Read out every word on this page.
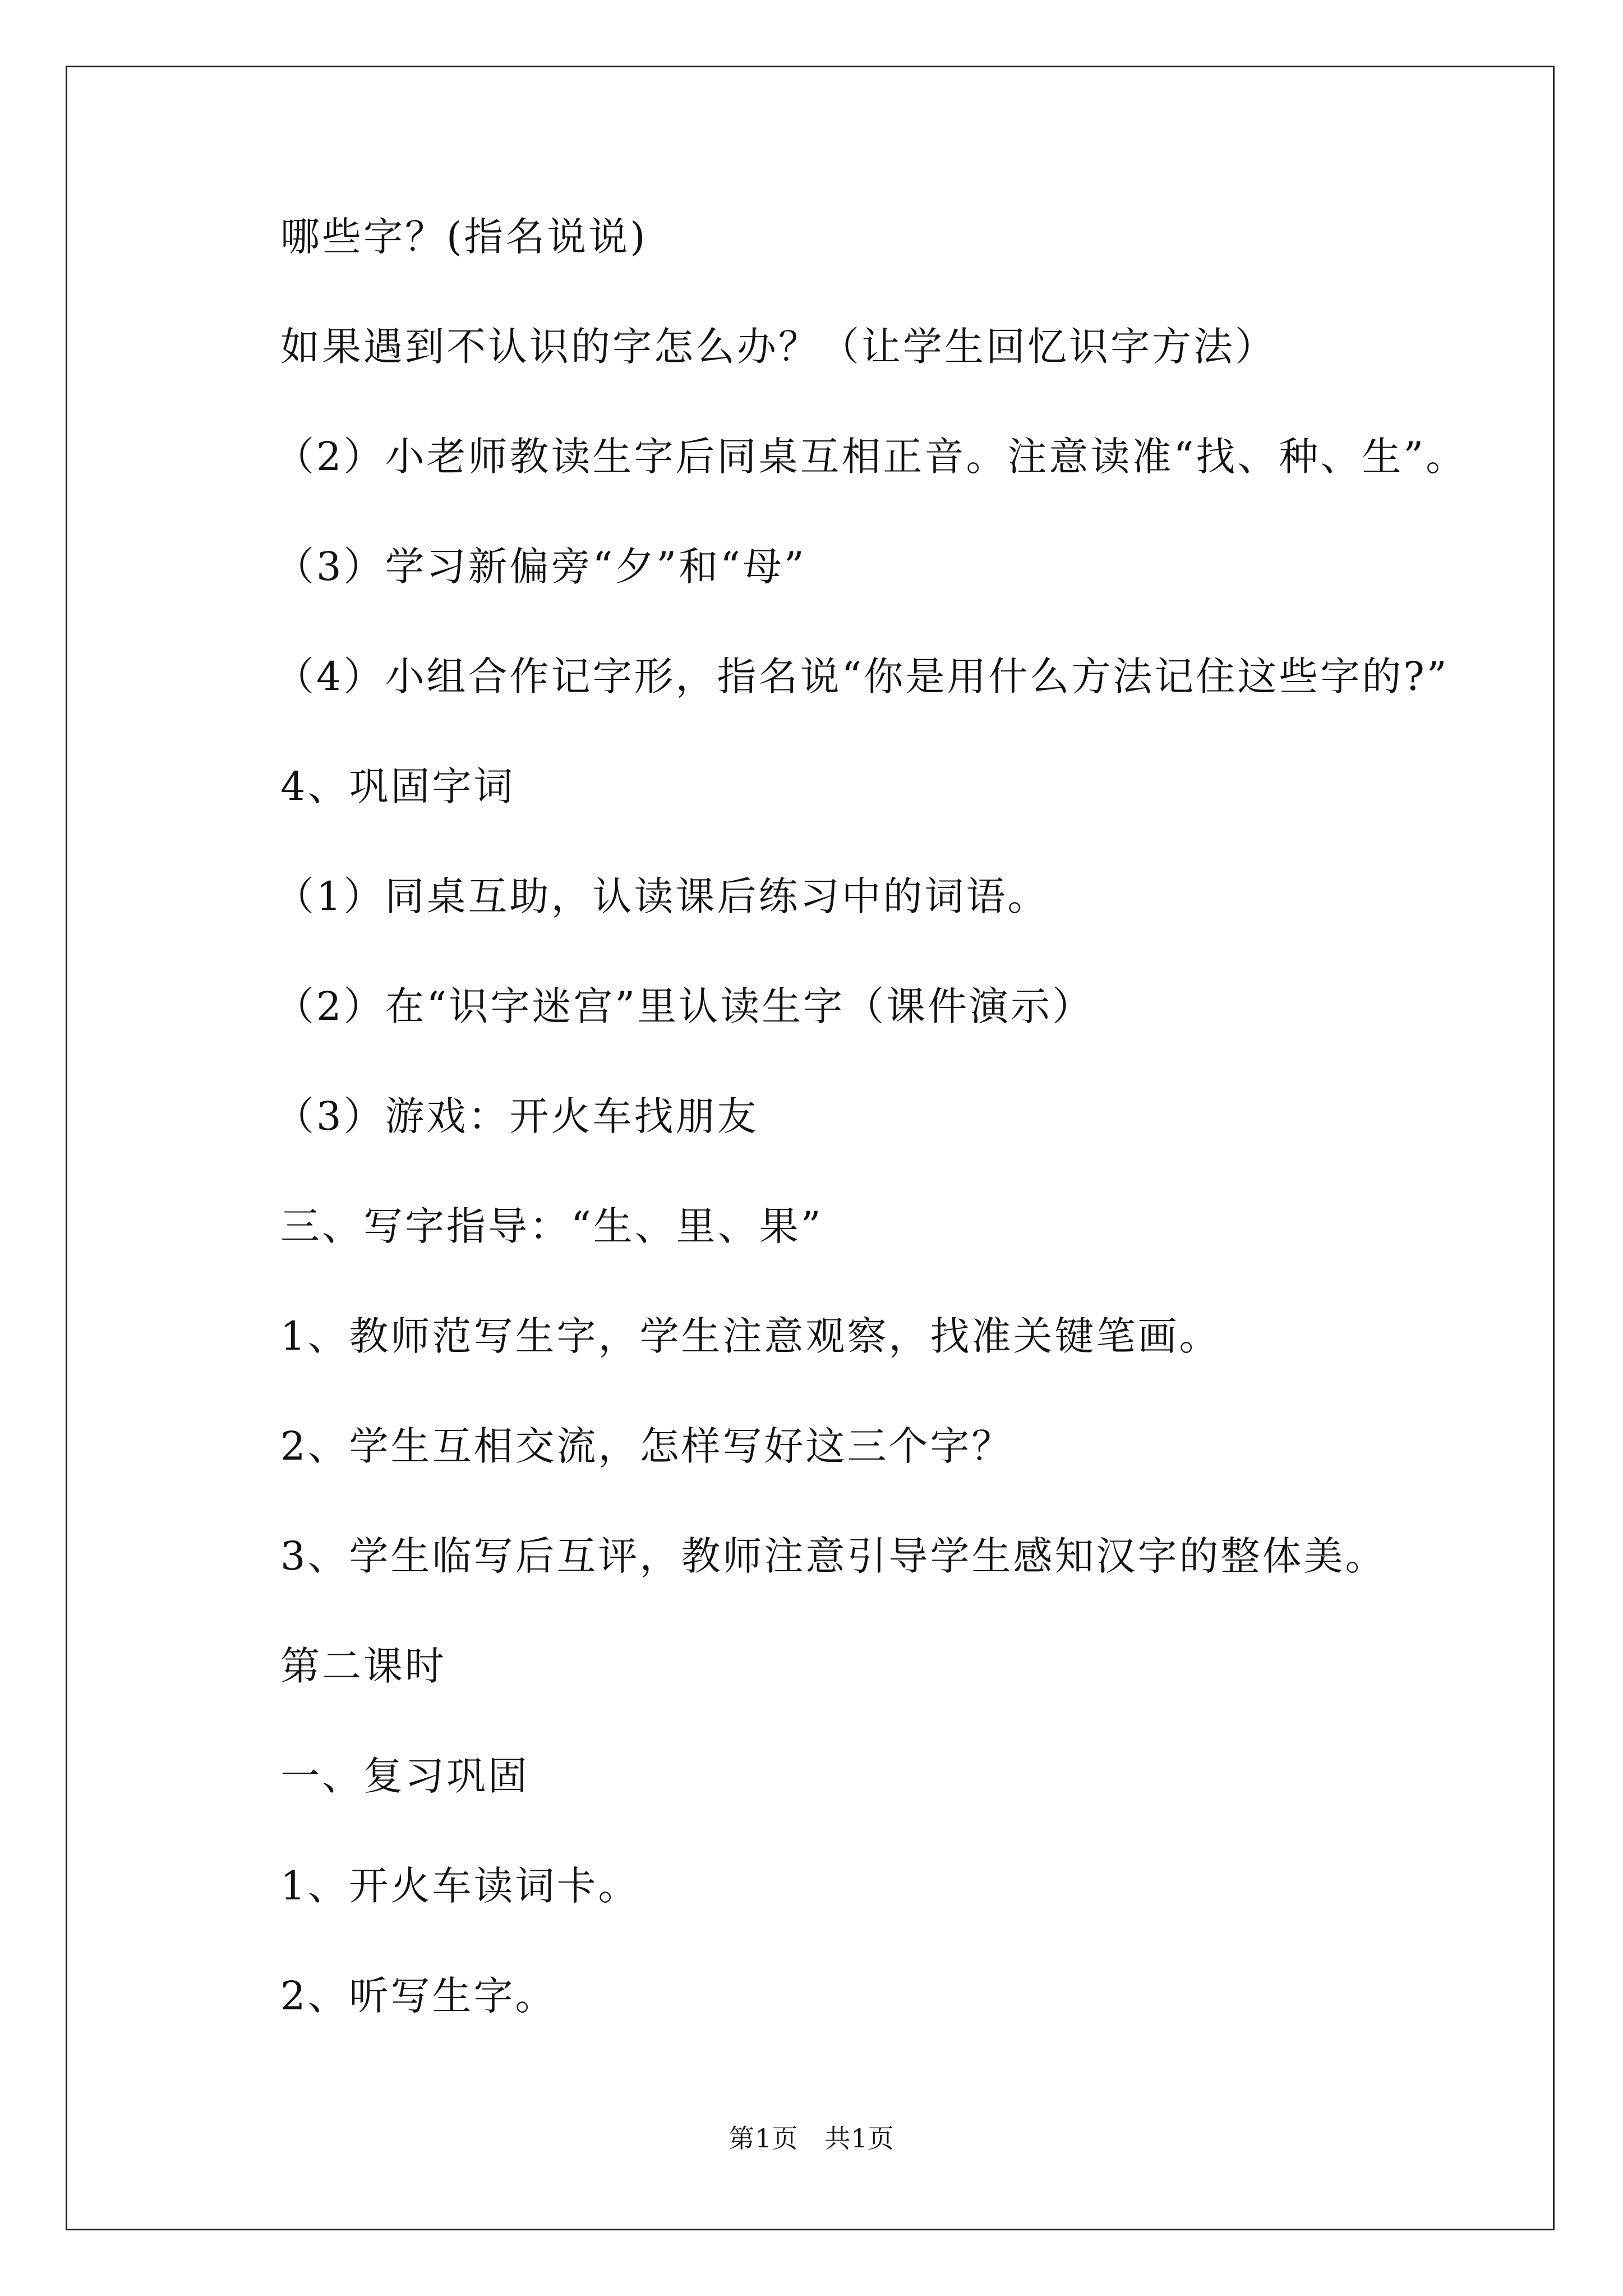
哪些字？(指名说说)
如果遇到不认识的字怎么办？（让学生回忆识字方法）
（2）小老师教读生字后同桌互相正音。注意读准“找、种、生”。
（3）学习新偏旁“夕”和“母”
（4）小组合作记字形，指名说“你是用什么方法记住这些字的?”
4、巩固字词
（1）同桌互助，认读课后练习中的词语。
（2）在“识字迷宫”里认读生字（课件演示）
（3）游戏：开火车找朋友
三、写字指导：“生、里、果”
1、教师范写生字，学生注意观察，找准关键笔画。
2、学生互相交流，怎样写好这三个字？
3、学生临写后互评，教师注意引导学生感知汉字的整体美。
第二课时
一、复习巩固
1、开火车读词卡。
2、听写生字。
第1页 共1页
